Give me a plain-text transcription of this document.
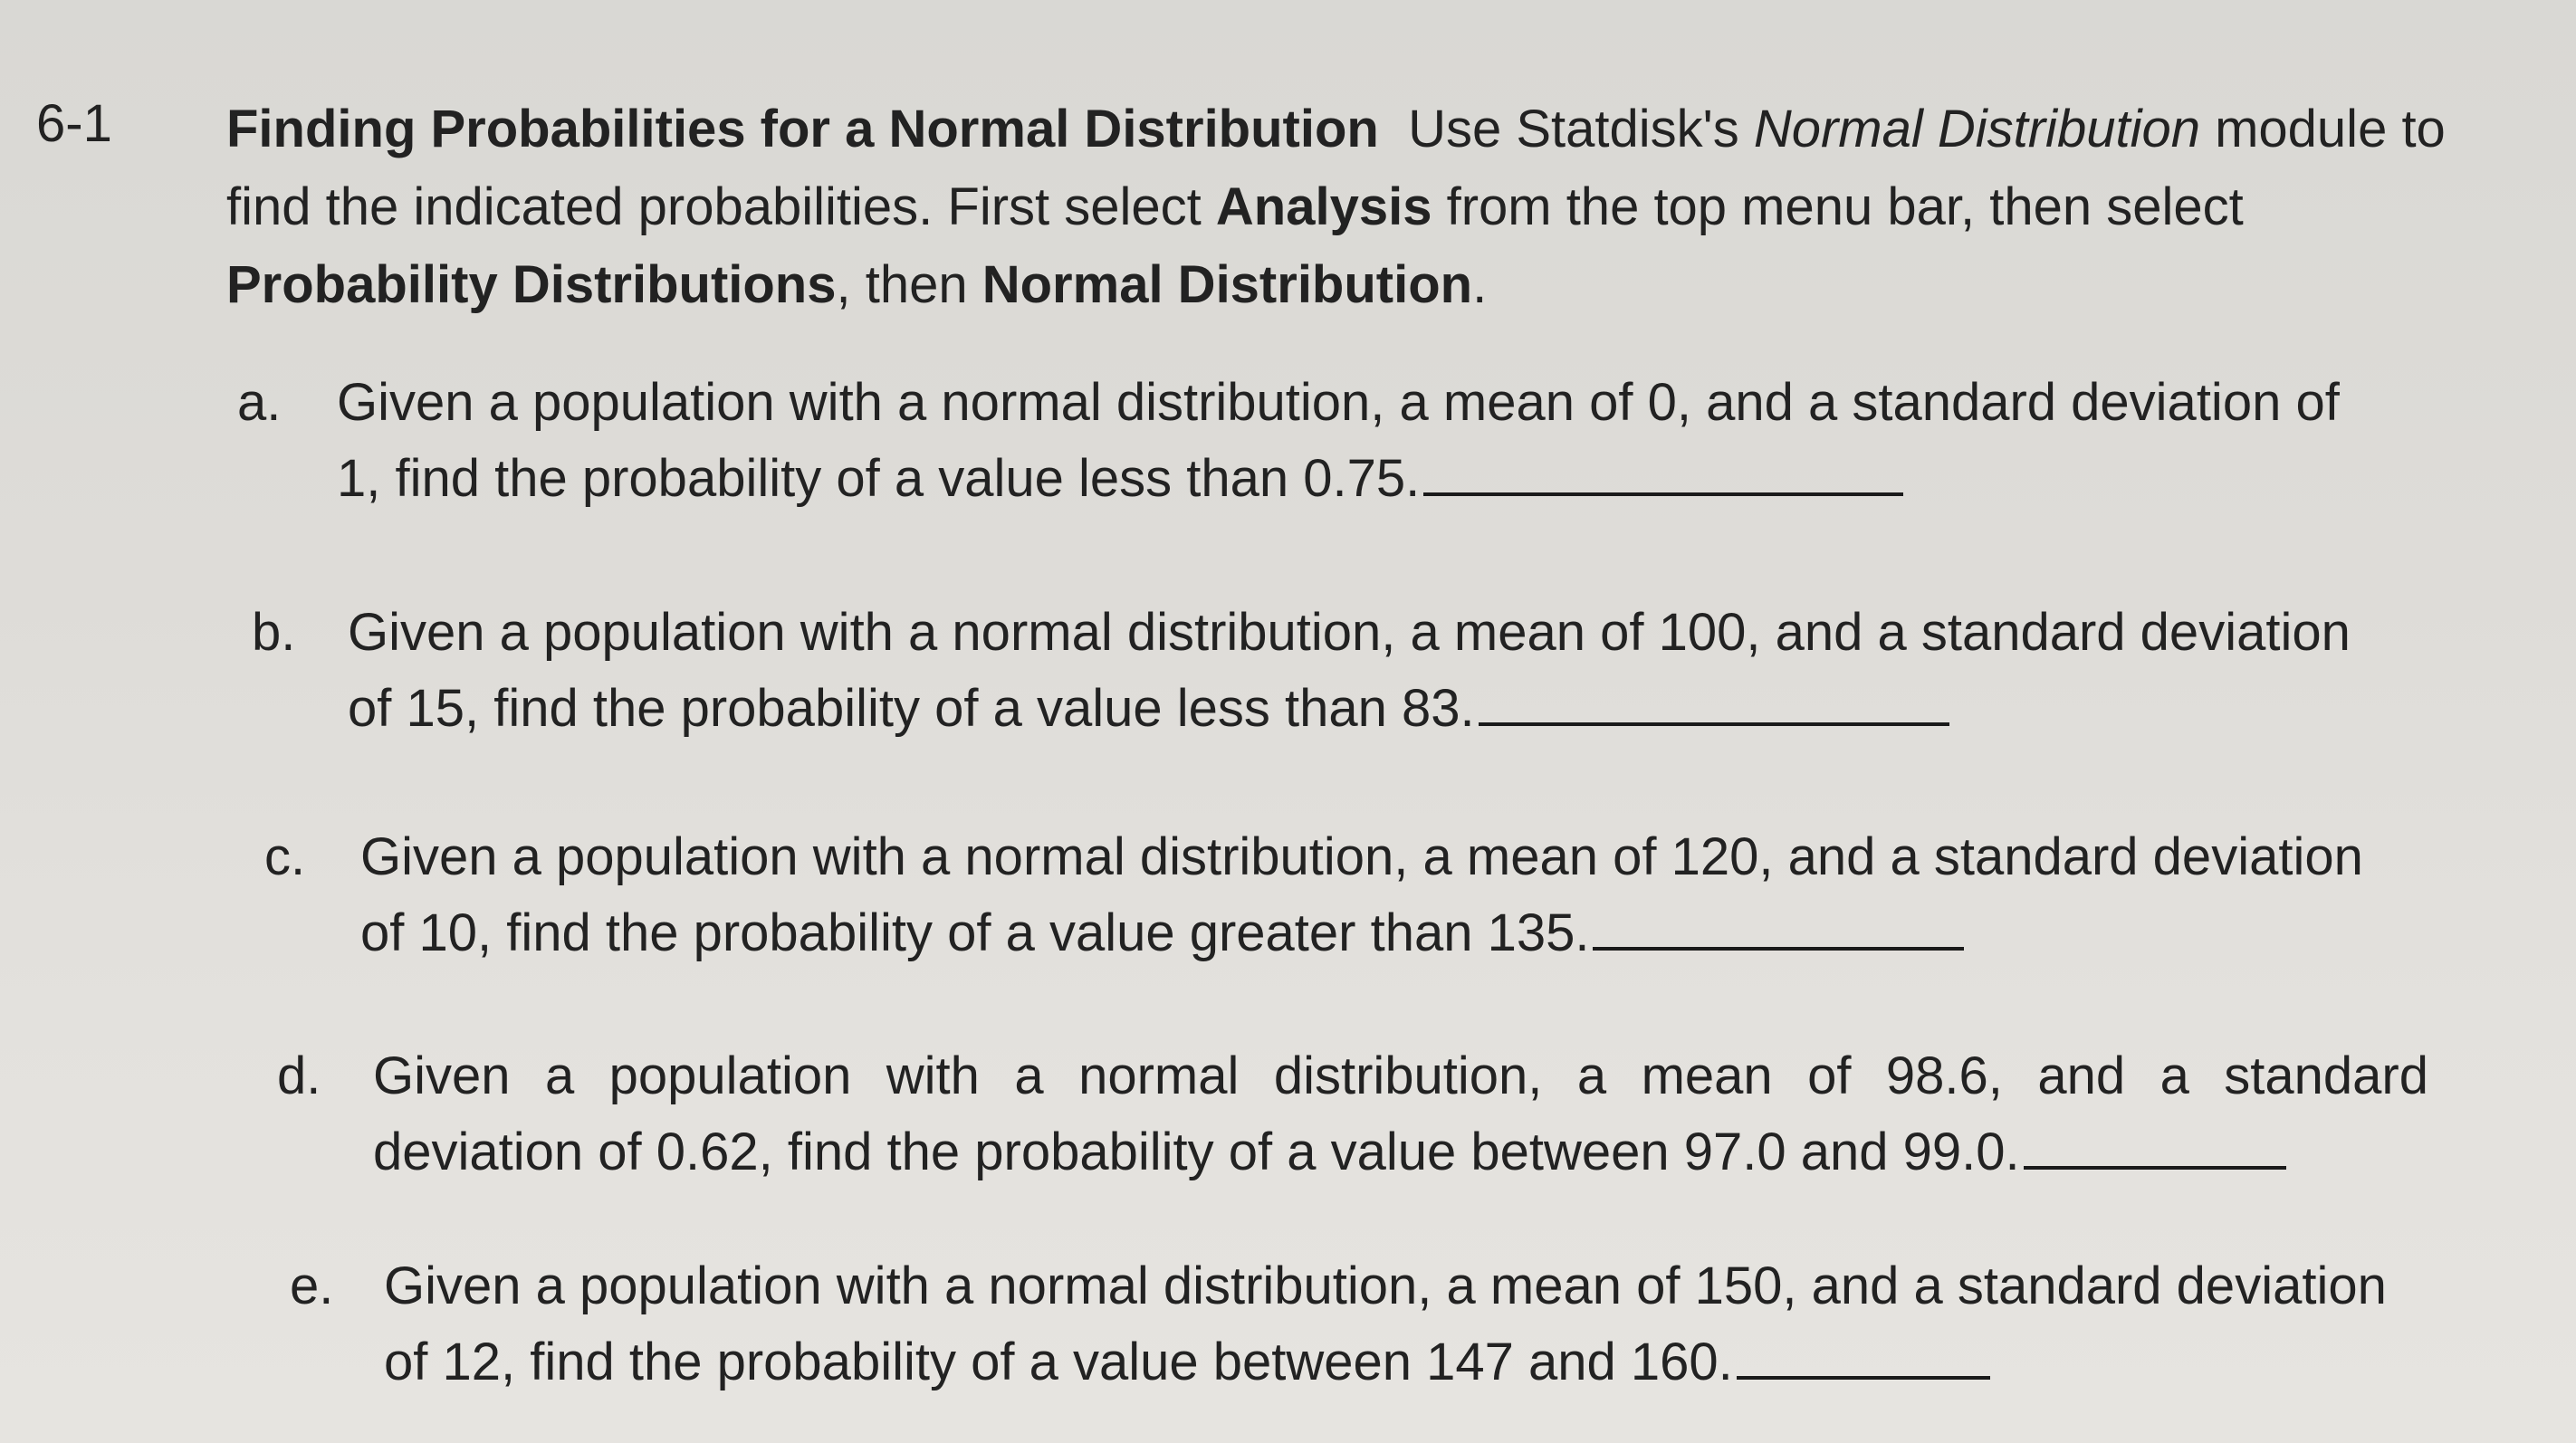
6-1 Finding Probabilities for a Normal Distribution Use Statdisk's Normal Distribution module to find the indicated probabilities. First select Analysis from the top menu bar, then select Probability Distributions, then Normal Distribution.
a. Given a population with a normal distribution, a mean of 0, and a standard deviation of
1, find the probability of a value less than 0.75.
b. Given a population with a normal distribution, a mean of 100, and a standard deviation
of 15, find the probability of a value less than 83.
c. Given a population with a normal distribution, a mean of 120, and a standard deviation
of 10, find the probability of a value greater than 135.
d. Given a population with a normal distribution, a mean of 98.6, and a standard
deviation of 0.62, find the probability of a value between 97.0 and 99.0.
e. Given a population with a normal distribution, a mean of 150, and a standard deviation
of 12, find the probability of a value between 147 and 160.
